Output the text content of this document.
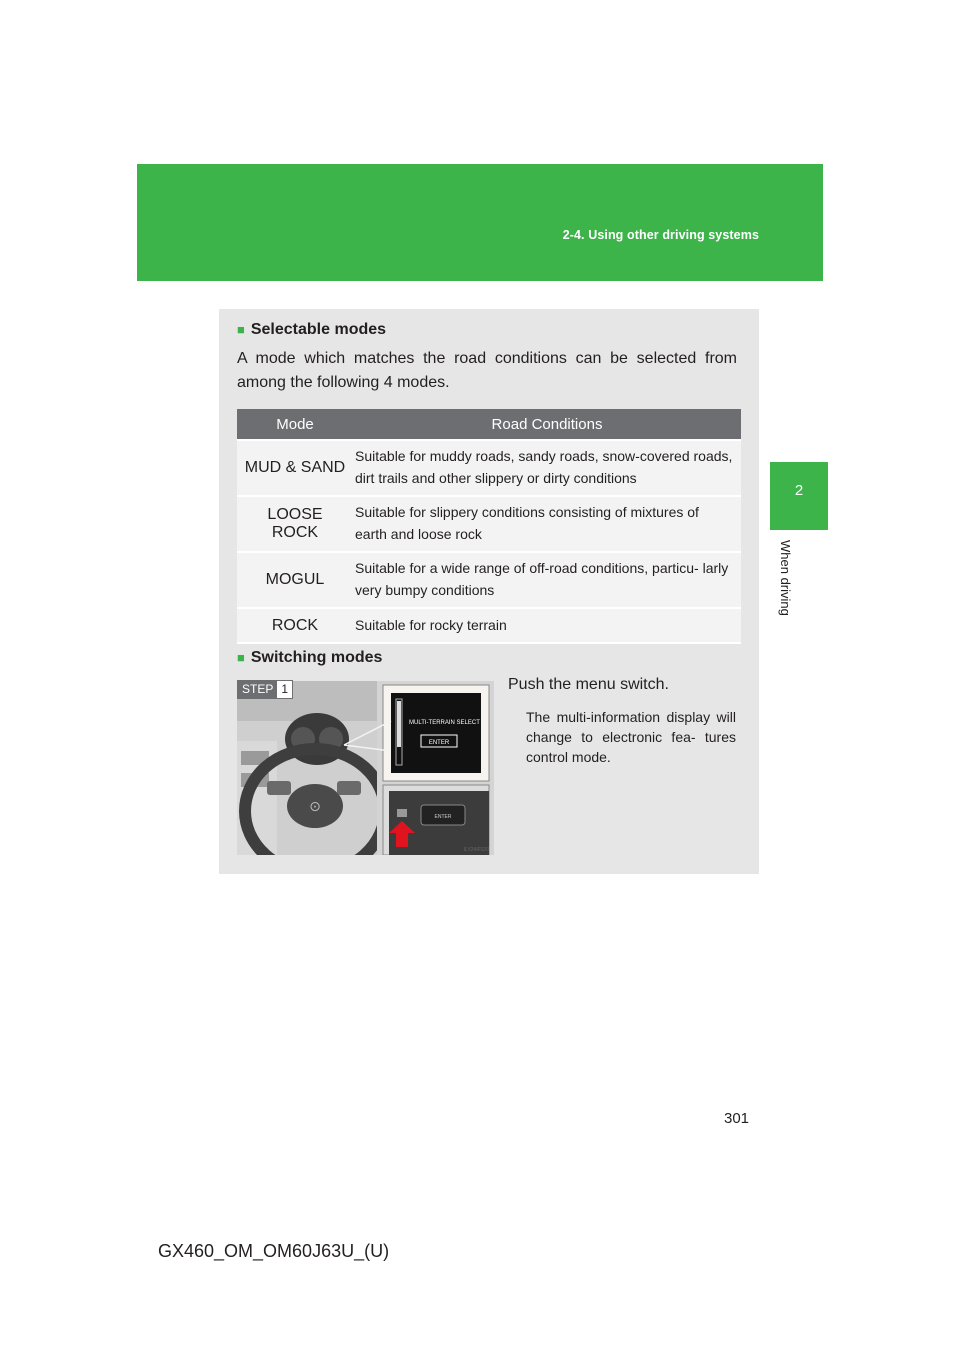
2-4. Using other driving systems
2
When driving
■ Selectable modes
A mode which matches the road conditions can be selected from among the following 4 modes.
Mode	Road Conditions
MUD & SAND	Suitable for muddy roads, sandy roads, snow-covered roads, dirt trails and other slippery or dirty conditions
LOOSE ROCK	Suitable for slippery conditions consisting of mixtures of earth and loose rock
MOGUL	Suitable for a wide range of off-road conditions, particu- larly very bumpy conditions
ROCK	Suitable for rocky terrain
■ Switching modes
⊙
MULTI-TERRAIN SELECT
ENTER
ENTER
ILY24IF020
STEP 1	Push the menu switch.
The multi-information display will change to electronic fea- tures control mode.
301
GX460_OM_OM60J63U_(U)
